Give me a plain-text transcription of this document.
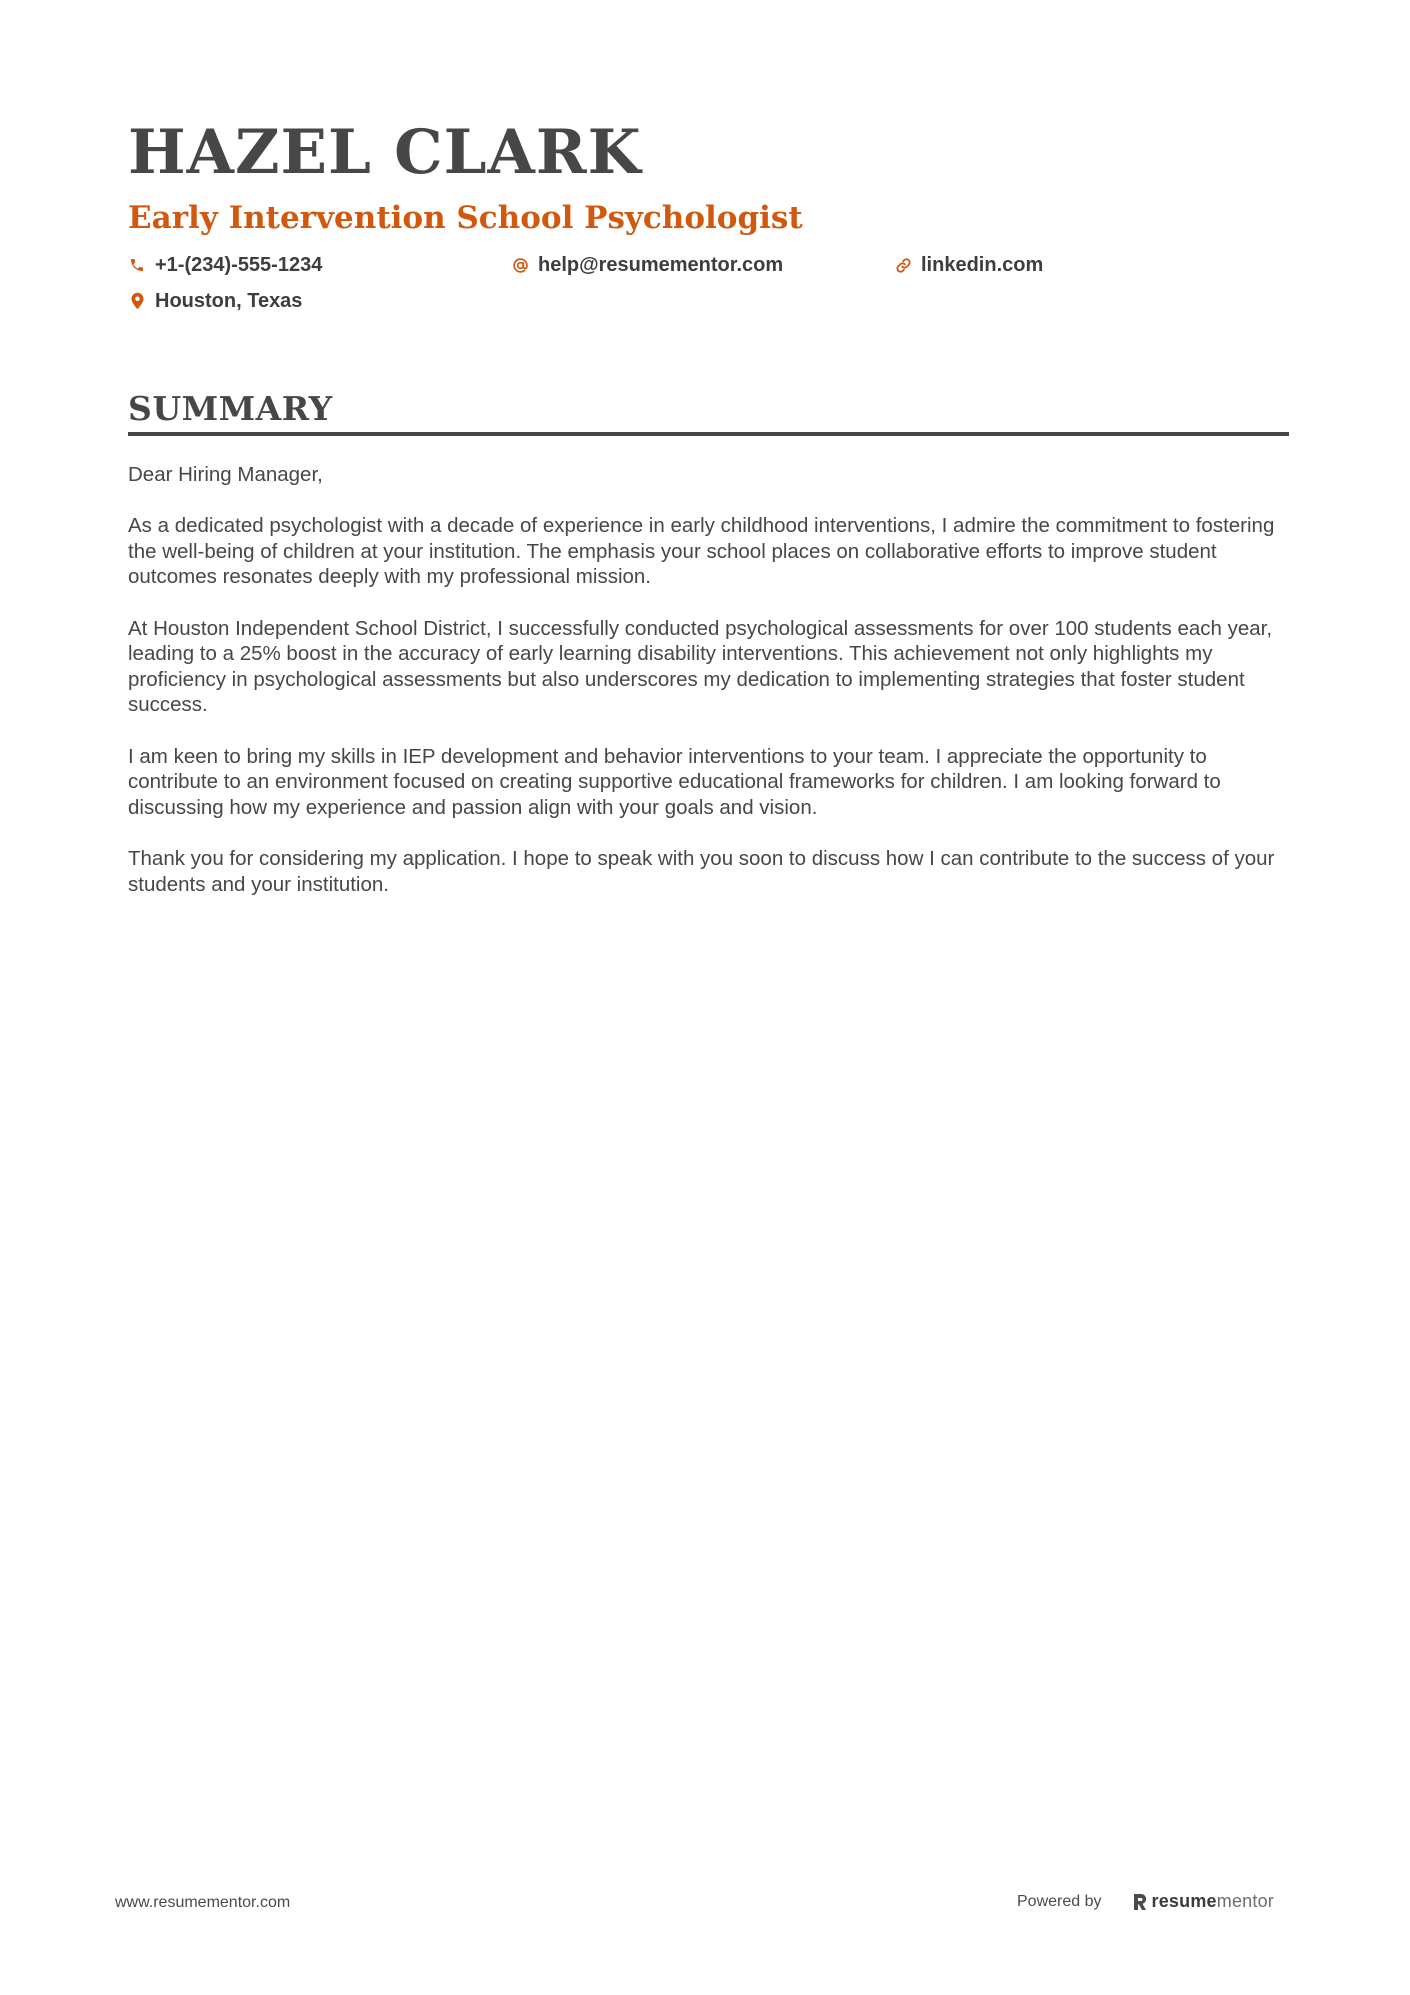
HAZEL CLARK
Early Intervention School Psychologist
+1-(234)-555-1234	help@resumementor.com	linkedin.com
Houston, Texas
SUMMARY

Dear Hiring Manager,

As a dedicated psychologist with a decade of experience in early childhood interventions, I admire the commitment to fostering the well-being of children at your institution. The emphasis your school places on collaborative efforts to improve student outcomes resonates deeply with my professional mission.

At Houston Independent School District, I successfully conducted psychological assessments for over 100 students each year, leading to a 25% boost in the accuracy of early learning disability interventions. This achievement not only highlights my proficiency in psychological assessments but also underscores my dedication to implementing strategies that foster student success.

I am keen to bring my skills in IEP development and behavior interventions to your team. I appreciate the opportunity to contribute to an environment focused on creating supportive educational frameworks for children. I am looking forward to discussing how my experience and passion align with your goals and vision.

Thank you for considering my application. I hope to speak with you soon to discuss how I can contribute to the success of your students and your institution.

www.resumementor.com	Powered by	resume mentor
